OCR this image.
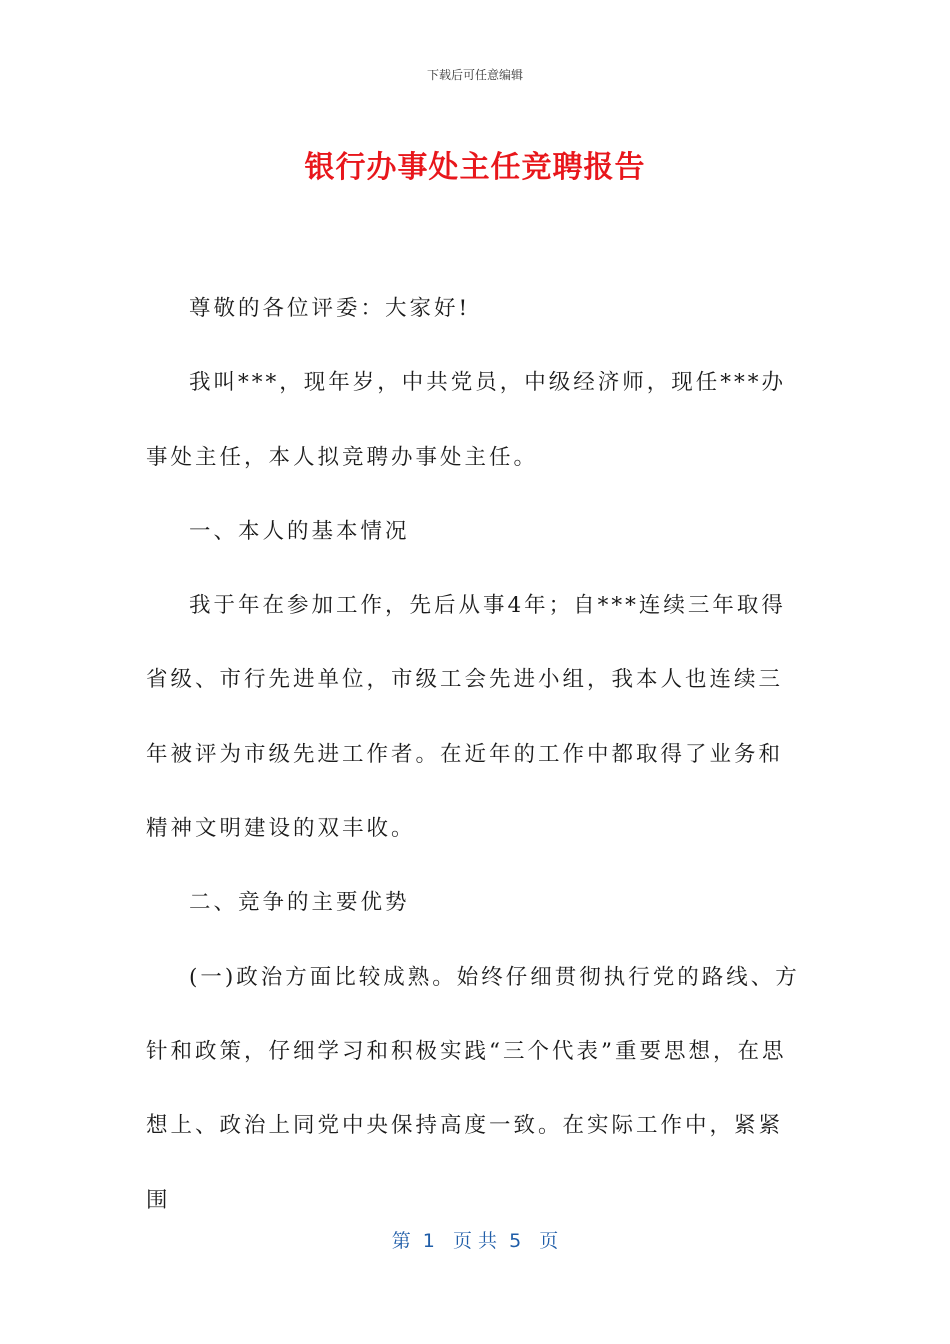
下载后可任意编辑
银行办事处主任竞聘报告

尊敬的各位评委：大家好!

我叫***，现年岁，中共党员，中级经济师，现任***办事处主任，本人拟竞聘办事处主任。

一、本人的基本情况

我于年在参加工作，先后从事4年；自***连续三年取得省级、市行先进单位，市级工会先进小组，我本人也连续三年被评为市级先进工作者。在近年的工作中都取得了业务和精神文明建设的双丰收。

二、竞争的主要优势

(一)政治方面比较成熟。始终仔细贯彻执行党的路线、方针和政策，仔细学习和积极实践“三个代表”重要思想，在思想上、政治上同党中央保持高度一致。在实际工作中，紧紧围

第  1   页 共  5   页
